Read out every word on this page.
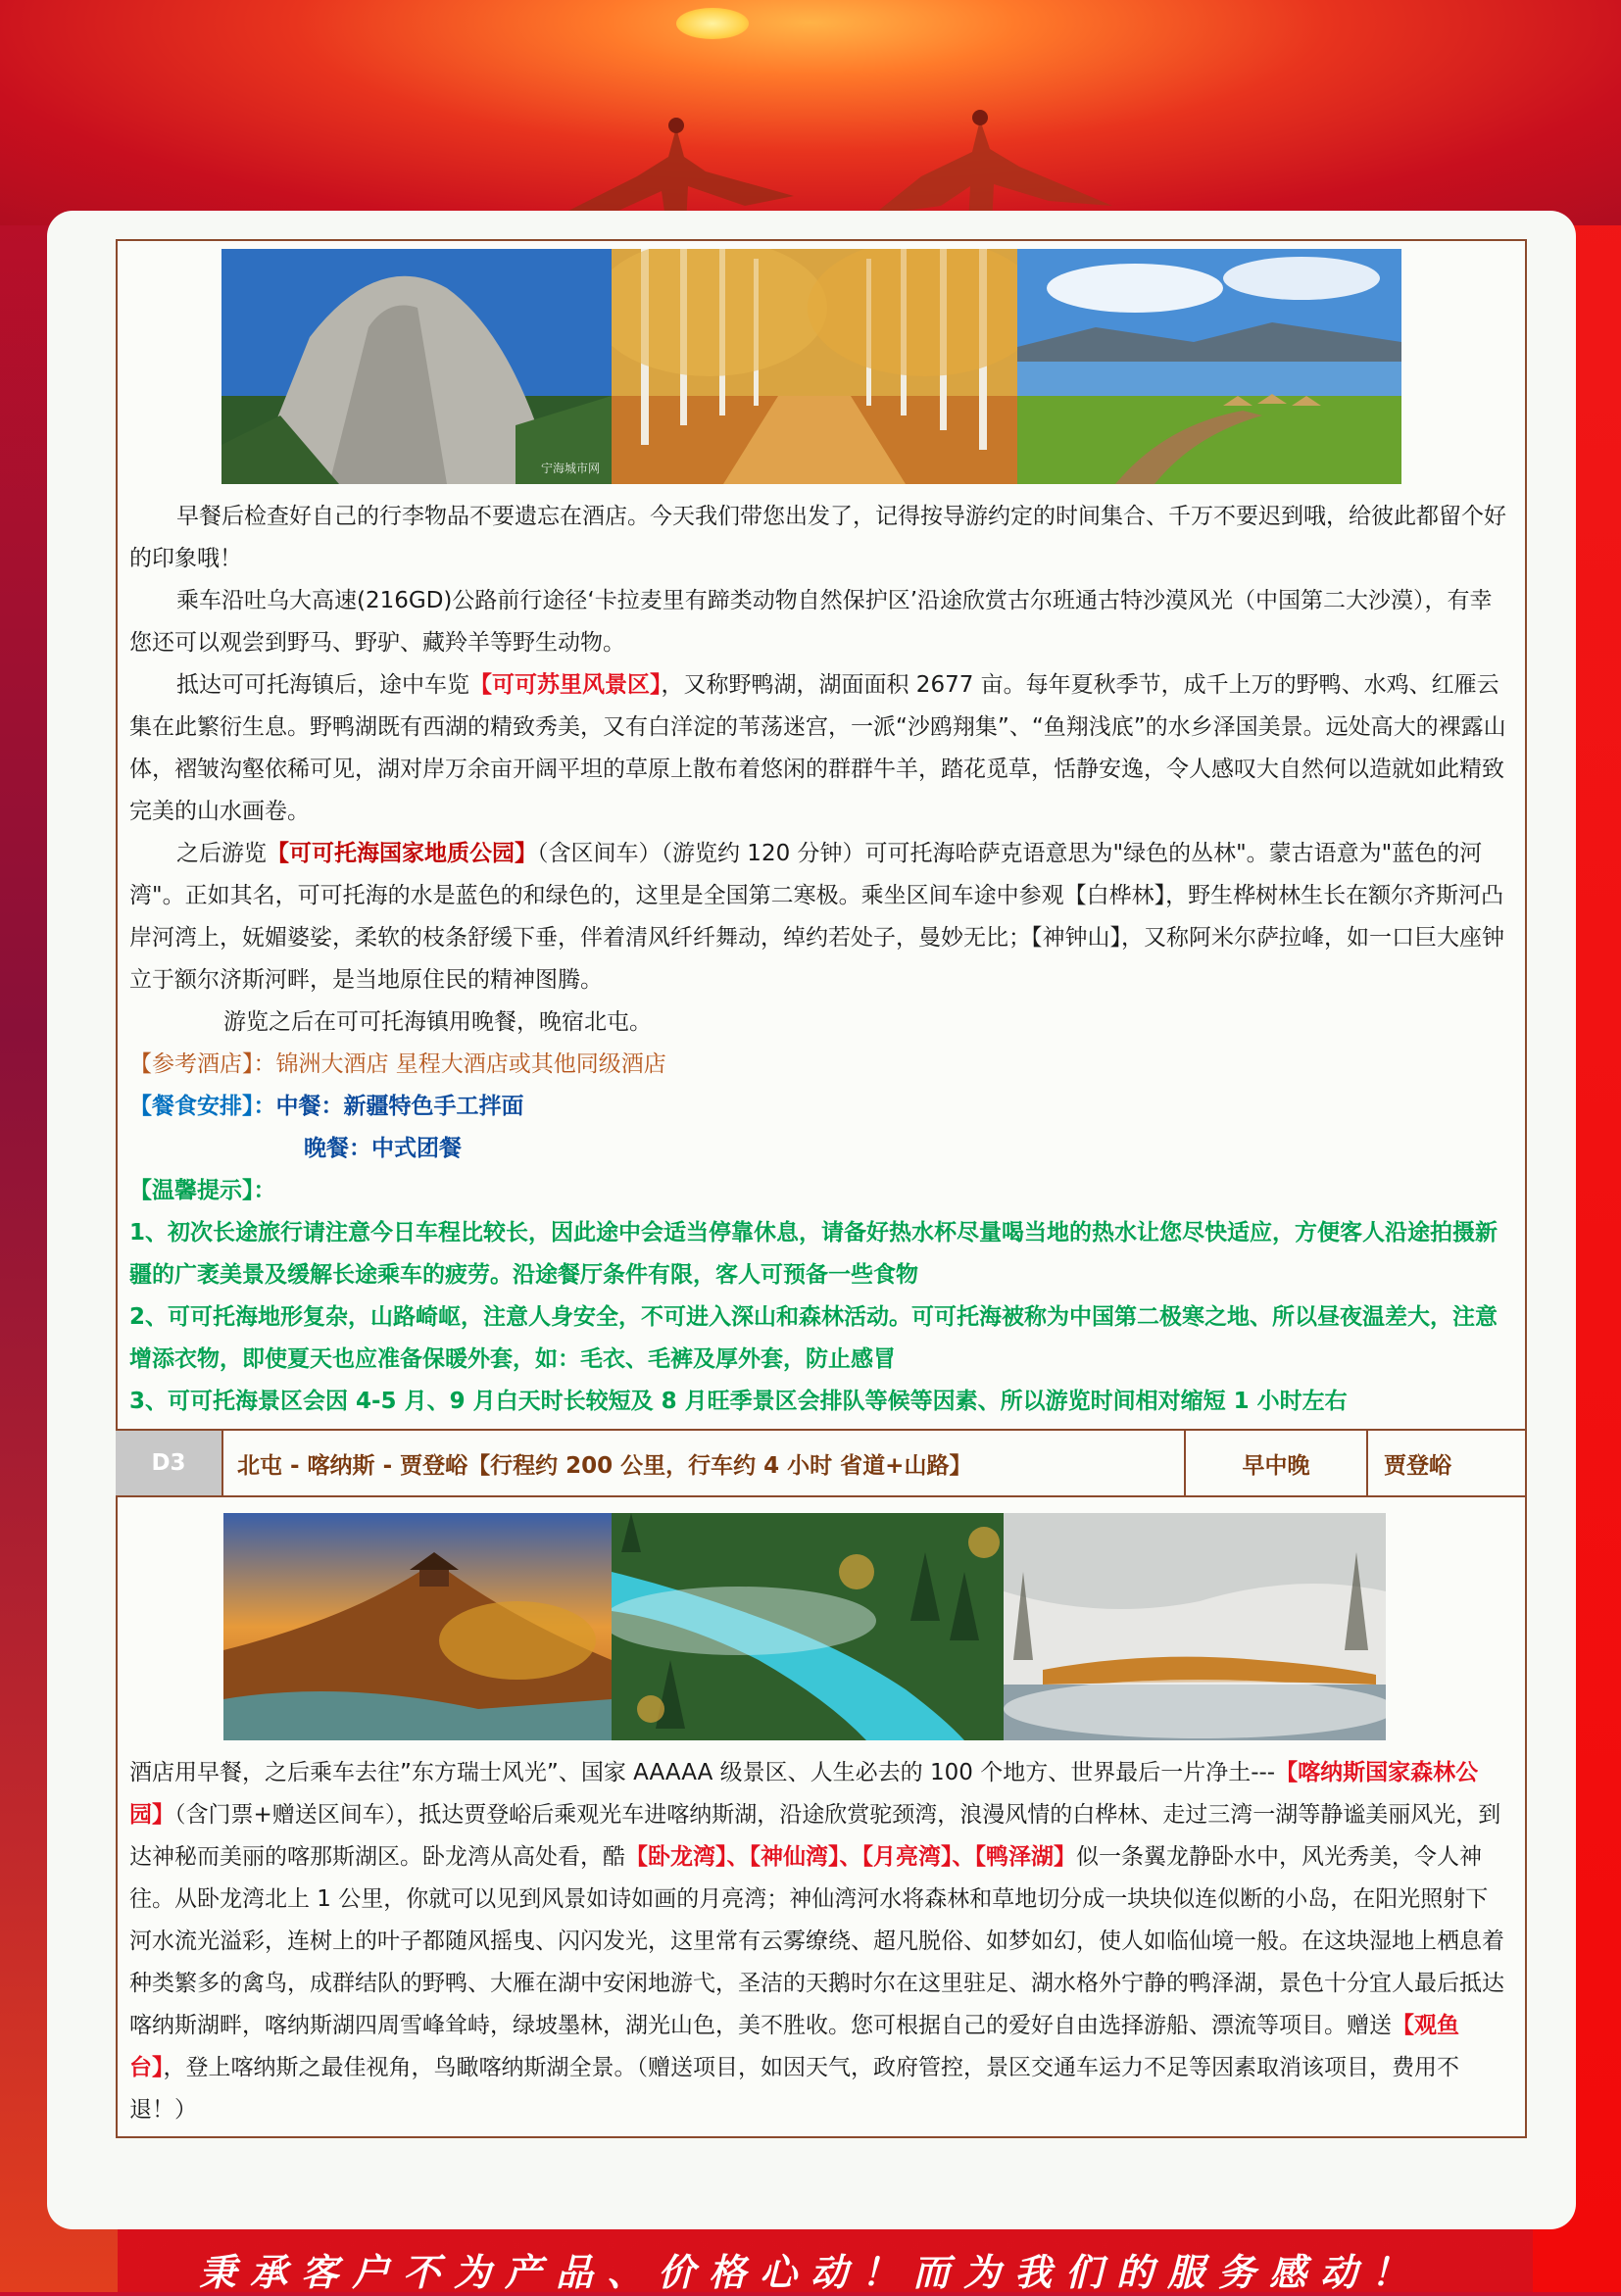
宁海城市网

早餐后检查好自己的行李物品不要遗忘在酒店。今天我们带您出发了，记得按导游约定的时间集合、千万不要迟到哦，给彼此都留个好的印象哦！

乘车沿吐乌大高速(216GD)公路前行途径‘卡拉麦里有蹄类动物自然保护区’沿途欣赏古尔班通古特沙漠风光（中国第二大沙漠），有幸您还可以观尝到野马、野驴、藏羚羊等野生动物。

抵达可可托海镇后，途中车览【可可苏里风景区】，又称野鸭湖，湖面面积 2677 亩。每年夏秋季节，成千上万的野鸭、水鸡、红雁云集在此繁衍生息。野鸭湖既有西湖的精致秀美，又有白洋淀的苇荡迷宫，一派“沙鸥翔集”、“鱼翔浅底”的水乡泽国美景。远处高大的裸露山体，褶皱沟壑依稀可见，湖对岸万余亩开阔平坦的草原上散布着悠闲的群群牛羊，踏花觅草，恬静安逸，令人感叹大自然何以造就如此精致完美的山水画卷。

之后游览【可可托海国家地质公园】（含区间车）（游览约 120 分钟）可可托海哈萨克语意思为"绿色的丛林"。蒙古语意为"蓝色的河湾"。正如其名，可可托海的水是蓝色的和绿色的，这里是全国第二寒极。乘坐区间车途中参观【白桦林】，野生桦树林生长在额尔齐斯河凸岸河湾上，妩媚婆娑，柔软的枝条舒缓下垂，伴着清风纤纤舞动，绰约若处子，曼妙无比；【神钟山】，又称阿米尔萨拉峰，如一口巨大座钟立于额尔济斯河畔，是当地原住民的精神图腾。

游览之后在可可托海镇用晚餐，晚宿北屯。

【参考酒店】：锦洲大酒店 星程大酒店或其他同级酒店

【餐食安排】：中餐：新疆特色手工拌面

晚餐：中式团餐

【温馨提示】：

1、初次长途旅行请注意今日车程比较长，因此途中会适当停靠休息，请备好热水杯尽量喝当地的热水让您尽快适应，方便客人沿途拍摄新疆的广袤美景及缓解长途乘车的疲劳。沿途餐厅条件有限，客人可预备一些食物

2、可可托海地形复杂，山路崎岖，注意人身安全，不可进入深山和森林活动。可可托海被称为中国第二极寒之地、所以昼夜温差大，注意增添衣物，即使夏天也应准备保暖外套，如：毛衣、毛裤及厚外套，防止感冒

3、可可托海景区会因 4-5 月、9 月白天时长较短及 8 月旺季景区会排队等候等因素、所以游览时间相对缩短 1 小时左右

D3	北屯 - 喀纳斯 - 贾登峪【行程约 200 公里，行车约 4 小时 省道+山路】	早中晚	贾登峪

酒店用早餐，之后乘车去往”东方瑞士风光”、国家 AAAAA 级景区、人生必去的 100 个地方、世界最后一片净土---【喀纳斯国家森林公园】（含门票+赠送区间车），抵达贾登峪后乘观光车进喀纳斯湖，沿途欣赏驼颈湾，浪漫风情的白桦林、走过三湾一湖等静谧美丽风光，到达神秘而美丽的喀那斯湖区。卧龙湾从高处看，酷【卧龙湾】、【神仙湾】、【月亮湾】、【鸭泽湖】似一条翼龙静卧水中，风光秀美，令人神往。从卧龙湾北上 1 公里，你就可以见到风景如诗如画的月亮湾；神仙湾河水将森林和草地切分成一块块似连似断的小岛，在阳光照射下河水流光溢彩，连树上的叶子都随风摇曳、闪闪发光，这里常有云雾缭绕、超凡脱俗、如梦如幻，使人如临仙境一般。在这块湿地上栖息着种类繁多的禽鸟，成群结队的野鸭、大雁在湖中安闲地游弋，圣洁的天鹅时尔在这里驻足、湖水格外宁静的鸭泽湖，景色十分宜人最后抵达喀纳斯湖畔，喀纳斯湖四周雪峰耸峙，绿坡墨林，湖光山色，美不胜收。您可根据自己的爱好自由选择游船、漂流等项目。赠送【观鱼台】，登上喀纳斯之最佳视角，鸟瞰喀纳斯湖全景。（赠送项目，如因天气，政府管控，景区交通车运力不足等因素取消该项目，费用不退！）

秉承客户不为产品、价格心动！而为我们的服务感动！
